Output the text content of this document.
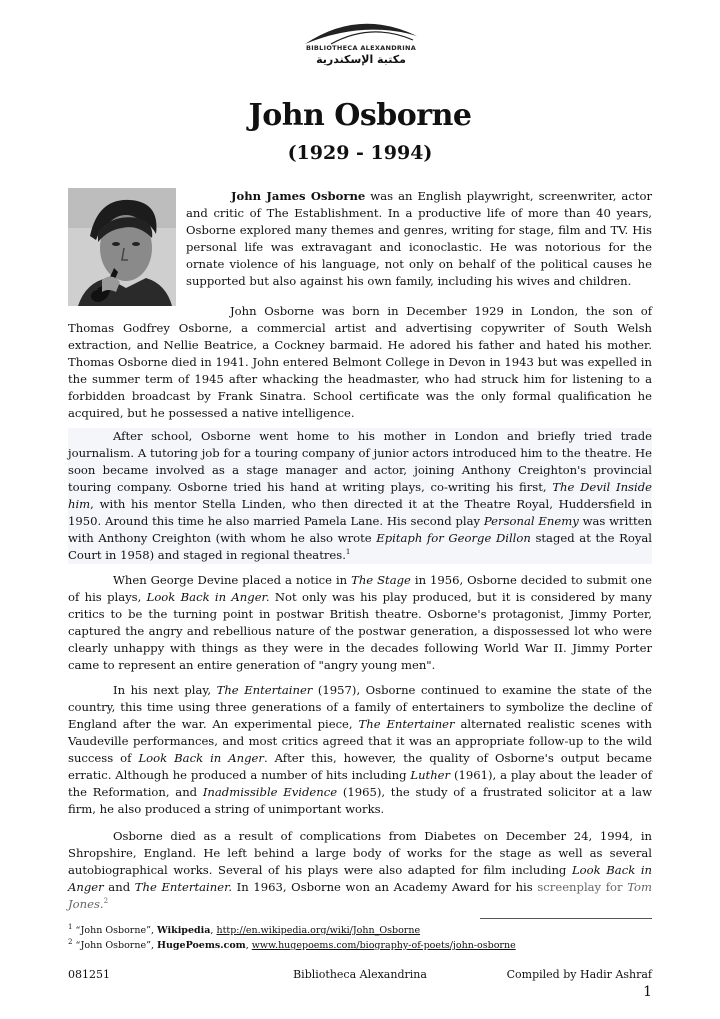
BIBLIOTHECA ALEXANDRINA
مكتبة الإسكندرية
John Osborne
(1929 - 1994)

John James Osborne was an English playwright, screenwriter, actor and critic of The Establishment. In a productive life of more than 40 years, Osborne explored many themes and genres, writing for stage, film and TV. His personal life was extravagant and iconoclastic. He was notorious for the ornate violence of his language, not only on behalf of the political causes he supported but also against his own family, including his wives and children.

John Osborne was born in December 1929 in London, the son of Thomas Godfrey Osborne, a commercial artist and advertising copywriter of South Welsh extraction, and Nellie Beatrice, a Cockney barmaid. He adored his father and hated his mother. Thomas Osborne died in 1941. John entered Belmont College in Devon in 1943 but was expelled in the summer term of 1945 after whacking the headmaster, who had struck him for listening to a forbidden broadcast by Frank Sinatra. School certificate was the only formal qualification he acquired, but he possessed a native intelligence.

After school, Osborne went home to his mother in London and briefly tried trade journalism. A tutoring job for a touring company of junior actors introduced him to the theatre. He soon became involved as a stage manager and actor, joining Anthony Creighton's provincial touring company. Osborne tried his hand at writing plays, co-writing his first, The Devil Inside him, with his mentor Stella Linden, who then directed it at the Theatre Royal, Huddersfield in 1950. Around this time he also married Pamela Lane. His second play Personal Enemy was written with Anthony Creighton (with whom he also wrote Epitaph for George Dillon staged at the Royal Court in 1958) and staged in regional theatres.$^1$

When George Devine placed a notice in The Stage in 1956, Osborne decided to submit one of his plays, Look Back in Anger. Not only was his play produced, but it is considered by many critics to be the turning point in postwar British theatre. Osborne's protagonist, Jimmy Porter, captured the angry and rebellious nature of the postwar generation, a dispossessed lot who were clearly unhappy with things as they were in the decades following World War II. Jimmy Porter came to represent an entire generation of "angry young men".

In his next play, The Entertainer (1957), Osborne continued to examine the state of the country, this time using three generations of a family of entertainers to symbolize the decline of England after the war. An experimental piece, The Entertainer alternated realistic scenes with Vaudeville performances, and most critics agreed that it was an appropriate follow-up to the wild success of Look Back in Anger. After this, however, the quality of Osborne's output became erratic. Although he produced a number of hits including Luther (1961), a play about the leader of the Reformation, and Inadmissible Evidence (1965), the study of a frustrated solicitor at a law firm, he also produced a string of unimportant works.

Osborne died as a result of complications from Diabetes on December 24, 1994, in Shropshire, England. He left behind a large body of works for the stage as well as several autobiographical works. Several of his plays were also adapted for film including Look Back in Anger and The Entertainer. In 1963, Osborne won an Academy Award for his screenplay for Tom Jones.$^2$

$^1$ “John Osborne”, Wikipedia, http://en.wikipedia.org/wiki/John_Osborne
$^2$ “John Osborne”, HugePoems.com, www.hugepoems.com/biography-of-poets/john-osborne
Bibliotheca Alexandrina
081251	Compiled by Hadir Ashraf
1
